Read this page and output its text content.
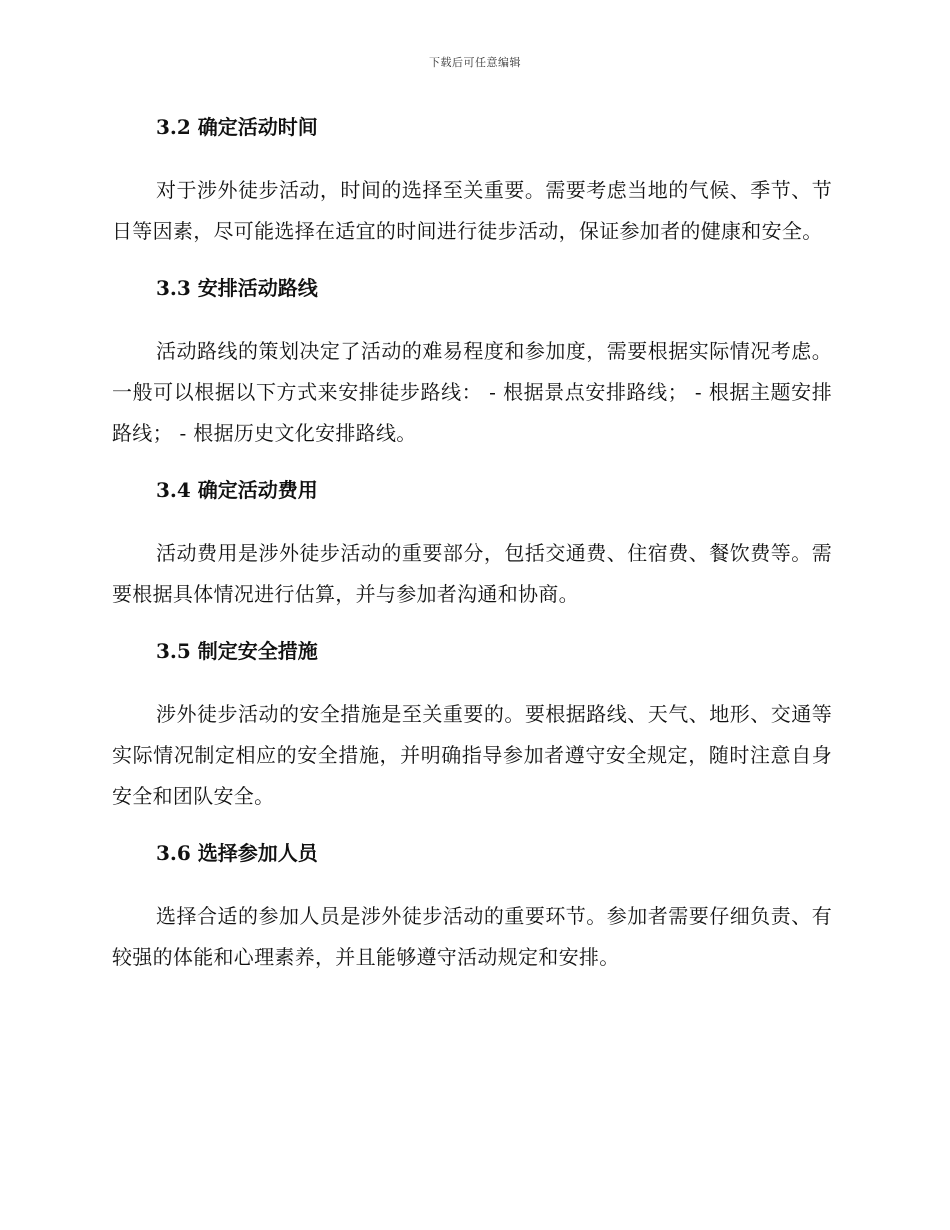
下载后可任意编辑
3.2 确定活动时间

对于涉外徒步活动，时间的选择至关重要。需要考虑当地的气候、季节、节日等因素，尽可能选择在适宜的时间进行徒步活动，保证参加者的健康和安全。

3.3 安排活动路线

活动路线的策划决定了活动的难易程度和参加度，需要根据实际情况考虑。一般可以根据以下方式来安排徒步路线： - 根据景点安排路线； - 根据主题安排路线； - 根据历史文化安排路线。

3.4 确定活动费用

活动费用是涉外徒步活动的重要部分，包括交通费、住宿费、餐饮费等。需要根据具体情况进行估算，并与参加者沟通和协商。

3.5 制定安全措施

涉外徒步活动的安全措施是至关重要的。要根据路线、天气、地形、交通等实际情况制定相应的安全措施，并明确指导参加者遵守安全规定，随时注意自身安全和团队安全。

3.6 选择参加人员

选择合适的参加人员是涉外徒步活动的重要环节。参加者需要仔细负责、有较强的体能和心理素养，并且能够遵守活动规定和安排。
